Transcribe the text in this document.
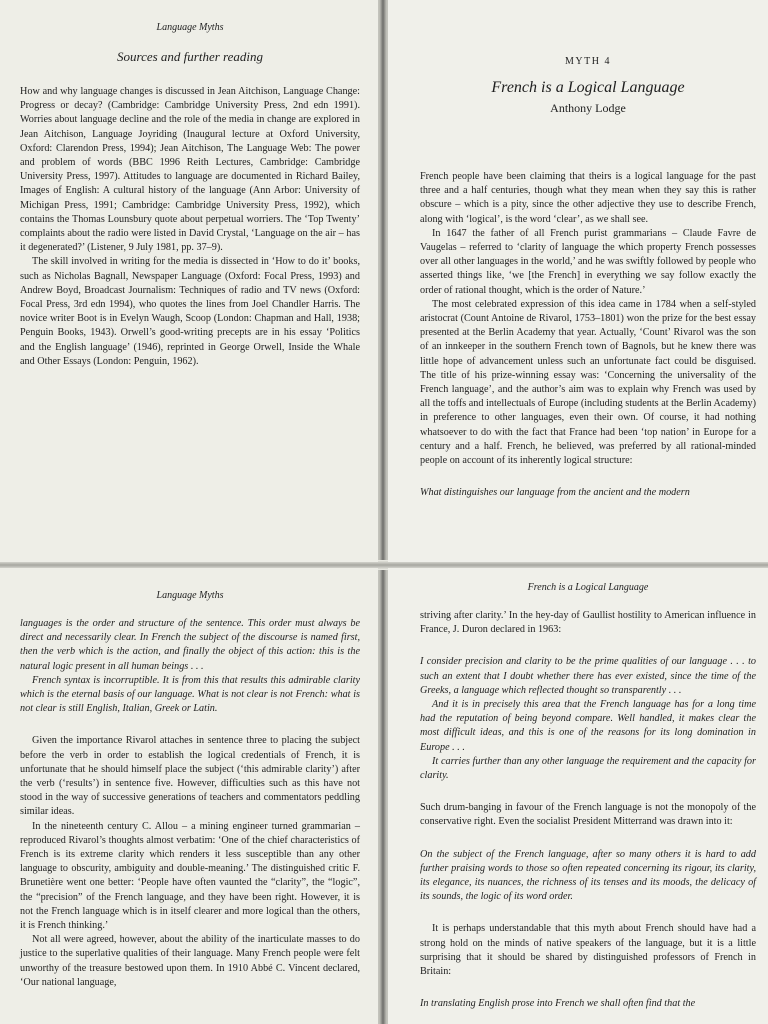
Language Myths
Sources and further reading

How and why language changes is discussed in Jean Aitchison, Language Change: Progress or decay? (Cambridge: Cambridge University Press, 2nd edn 1991). Worries about language decline and the role of the media in change are explored in Jean Aitchison, Language Joyriding (Inaugural lecture at Oxford University, Oxford: Clarendon Press, 1994); Jean Aitchison, The Language Web: The power and problem of words (BBC 1996 Reith Lectures, Cambridge: Cambridge University Press, 1997). Attitudes to language are documented in Richard Bailey, Images of English: A cultural history of the language (Ann Arbor: University of Michigan Press, 1991; Cambridge: Cambridge University Press, 1992), which contains the Thomas Lounsbury quote about perpetual worriers. The ‘Top Twenty’ complaints about the radio were listed in David Crystal, ‘Language on the air – has it degenerated?’ (Listener, 9 July 1981, pp. 37–9).

The skill involved in writing for the media is dissected in ‘How to do it’ books, such as Nicholas Bagnall, Newspaper Language (Oxford: Focal Press, 1993) and Andrew Boyd, Broadcast Journalism: Techniques of radio and TV news (Oxford: Focal Press, 3rd edn 1994), who quotes the lines from Joel Chandler Harris. The novice writer Boot is in Evelyn Waugh, Scoop (London: Chapman and Hall, 1938; Penguin Books, 1943). Orwell’s good-writing precepts are in his essay ‘Politics and the English language’ (1946), reprinted in George Orwell, Inside the Whale and Other Essays (London: Penguin, 1962).

MYTH 4
French is a Logical Language
Anthony Lodge

French people have been claiming that theirs is a logical language for the past three and a half centuries, though what they mean when they say this is rather obscure – which is a pity, since the other adjective they use to describe French, along with ‘logical’, is the word ‘clear’, as we shall see.

In 1647 the father of all French purist grammarians – Claude Favre de Vaugelas – referred to ‘clarity of language the which property French possesses over all other languages in the world,’ and he was swiftly followed by people who asserted things like, ‘we [the French] in everything we say follow exactly the order of rational thought, which is the order of Nature.’

The most celebrated expression of this idea came in 1784 when a self-styled aristocrat (Count Antoine de Rivarol, 1753–1801) won the prize for the best essay presented at the Berlin Academy that year. Actually, ‘Count’ Rivarol was the son of an innkeeper in the southern French town of Bagnols, but he knew there was little hope of advancement unless such an unfortunate fact could be disguised. The title of his prize-winning essay was: ‘Concerning the universality of the French language’, and the author’s aim was to explain why French was used by all the toffs and intellectuals of Europe (including students at the Berlin Academy) in preference to other languages, even their own. Of course, it had nothing whatsoever to do with the fact that France had been ‘top nation’ in Europe for a century and a half. French, he believed, was preferred by all rational-minded people on account of its inherently logical structure:

What distinguishes our language from the ancient and the modern

Language Myths

languages is the order and structure of the sentence. This order must always be direct and necessarily clear. In French the subject of the discourse is named first, then the verb which is the action, and finally the object of this action: this is the natural logic present in all human beings . . .

French syntax is incorruptible. It is from this that results this admirable clarity which is the eternal basis of our language. What is not clear is not French: what is not clear is still English, Italian, Greek or Latin.

Given the importance Rivarol attaches in sentence three to placing the subject before the verb in order to establish the logical credentials of French, it is unfortunate that he should himself place the subject (‘this admirable clarity’) after the verb (‘results’) in sentence five. However, difficulties such as this have not stood in the way of successive generations of teachers and commentators peddling similar ideas.

In the nineteenth century C. Allou – a mining engineer turned grammarian – reproduced Rivarol’s thoughts almost verbatim: ‘One of the chief characteristics of French is its extreme clarity which renders it less susceptible than any other language to obscurity, ambiguity and double-meaning.’ The distinguished critic F. Brunetière went one better: ‘People have often vaunted the “clarity”, the “logic”, the “precision” of the French language, and they have been right. However, it is not the French language which is in itself clearer and more logical than the others, it is French thinking.’

Not all were agreed, however, about the ability of the inarticulate masses to do justice to the superlative qualities of their language. Many French people were felt unworthy of the treasure bestowed upon them. In 1910 Abbé C. Vincent declared, ‘Our national language,

French is a Logical Language

striving after clarity.’ In the hey-day of Gaullist hostility to American influence in France, J. Duron declared in 1963:

I consider precision and clarity to be the prime qualities of our language . . . to such an extent that I doubt whether there has ever existed, since the time of the Greeks, a language which reflected thought so transparently . . .

And it is in precisely this area that the French language has for a long time had the reputation of being beyond compare. Well handled, it makes clear the most difficult ideas, and this is one of the reasons for its long domination in Europe . . .

It carries further than any other language the requirement and the capacity for clarity.

Such drum-banging in favour of the French language is not the monopoly of the conservative right. Even the socialist President Mitterrand was drawn into it:

On the subject of the French language, after so many others it is hard to add further praising words to those so often repeated concerning its rigour, its clarity, its elegance, its nuances, the richness of its tenses and its moods, the delicacy of its sounds, the logic of its word order.

It is perhaps understandable that this myth about French should have had a strong hold on the minds of native speakers of the language, but it is a little surprising that it should be shared by distinguished professors of French in Britain:

In translating English prose into French we shall often find that the
